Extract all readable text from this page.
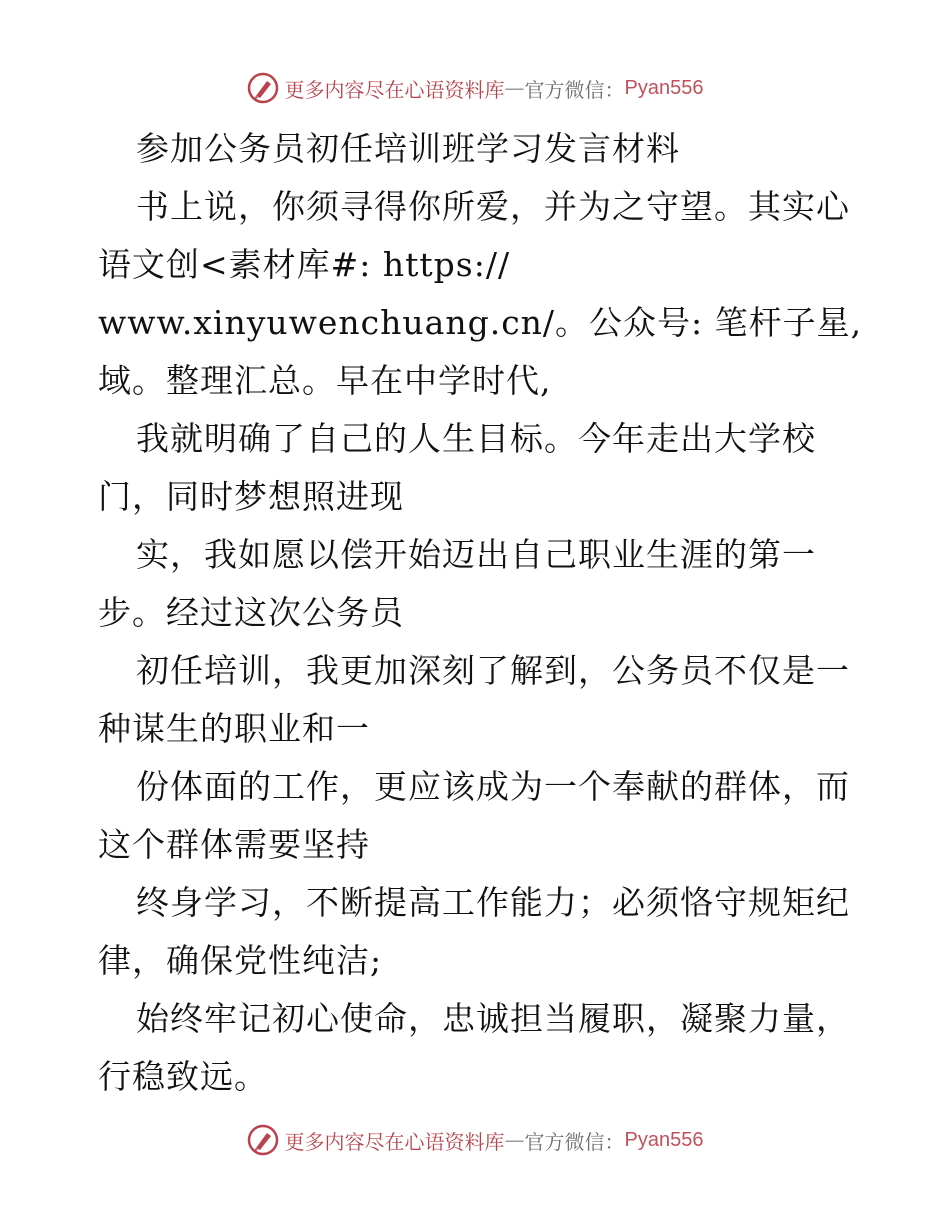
更多内容尽在心语资料库 — 官方微信： Pyan556
参加公务员初任培训班学习发言材料
书上说，你须寻得你所爱，并为之守望。其实心
语文创<素材库#: https://
www.xinyuwenchuang.cn/。公众号: 笔杆子星,
域。整理汇总。早在中学时代,
我就明确了自己的人生目标。今年走出大学校
门，同时梦想照进现
实，我如愿以偿开始迈出自己职业生涯的第一
步。经过这次公务员
初任培训，我更加深刻了解到，公务员不仅是一
种谋生的职业和一
份体面的工作，更应该成为一个奉献的群体，而
这个群体需要坚持
终身学习，不断提高工作能力；必须恪守规矩纪
律，确保党性纯洁;
始终牢记初心使命，忠诚担当履职，凝聚力量，
行稳致远。
更多内容尽在心语资料库 — 官方微信： Pyan556
